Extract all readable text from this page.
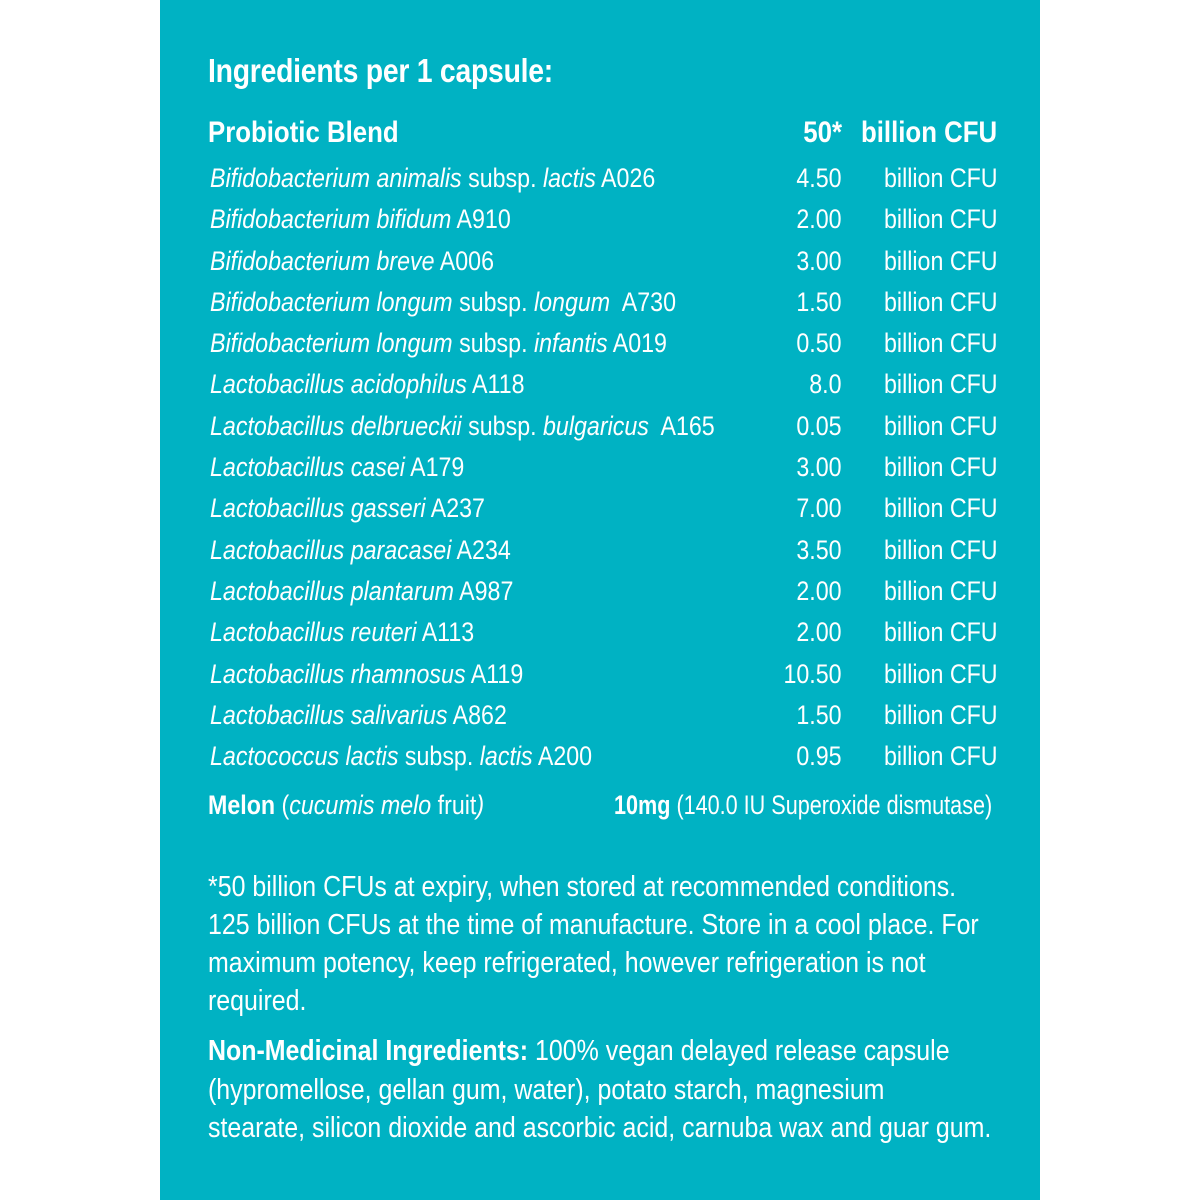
Ingredients per 1 capsule:
Probiotic Blend	50* billion CFU
Bifidobacterium animalis subsp. lactis A026	4.50 billion CFU
Bifidobacterium bifidum A910	2.00 billion CFU
Bifidobacterium breve A006	3.00 billion CFU
Bifidobacterium longum subsp. longum  A730	1.50 billion CFU
Bifidobacterium longum subsp. infantis A019	0.50 billion CFU
Lactobacillus acidophilus A118	8.0 billion CFU
Lactobacillus delbrueckii subsp. bulgaricus  A165	0.05 billion CFU
Lactobacillus casei A179	3.00 billion CFU
Lactobacillus gasseri A237	7.00 billion CFU
Lactobacillus paracasei A234	3.50 billion CFU
Lactobacillus plantarum A987	2.00 billion CFU
Lactobacillus reuteri A113	2.00 billion CFU
Lactobacillus rhamnosus A119	10.50 billion CFU
Lactobacillus salivarius A862	1.50 billion CFU
Lactococcus lactis subsp. lactis A200	0.95 billion CFU
Melon (cucumis melo fruit)	10mg (140.0 IU Superoxide dismutase)
*50 billion CFUs at expiry, when stored at recommended conditions.
125 billion CFUs at the time of manufacture. Store in a cool place. For
maximum potency, keep refrigerated, however refrigeration is not
required.
Non-Medicinal Ingredients: 100% vegan delayed release capsule
(hypromellose, gellan gum, water), potato starch, magnesium
stearate, silicon dioxide and ascorbic acid, carnuba wax and guar gum.
